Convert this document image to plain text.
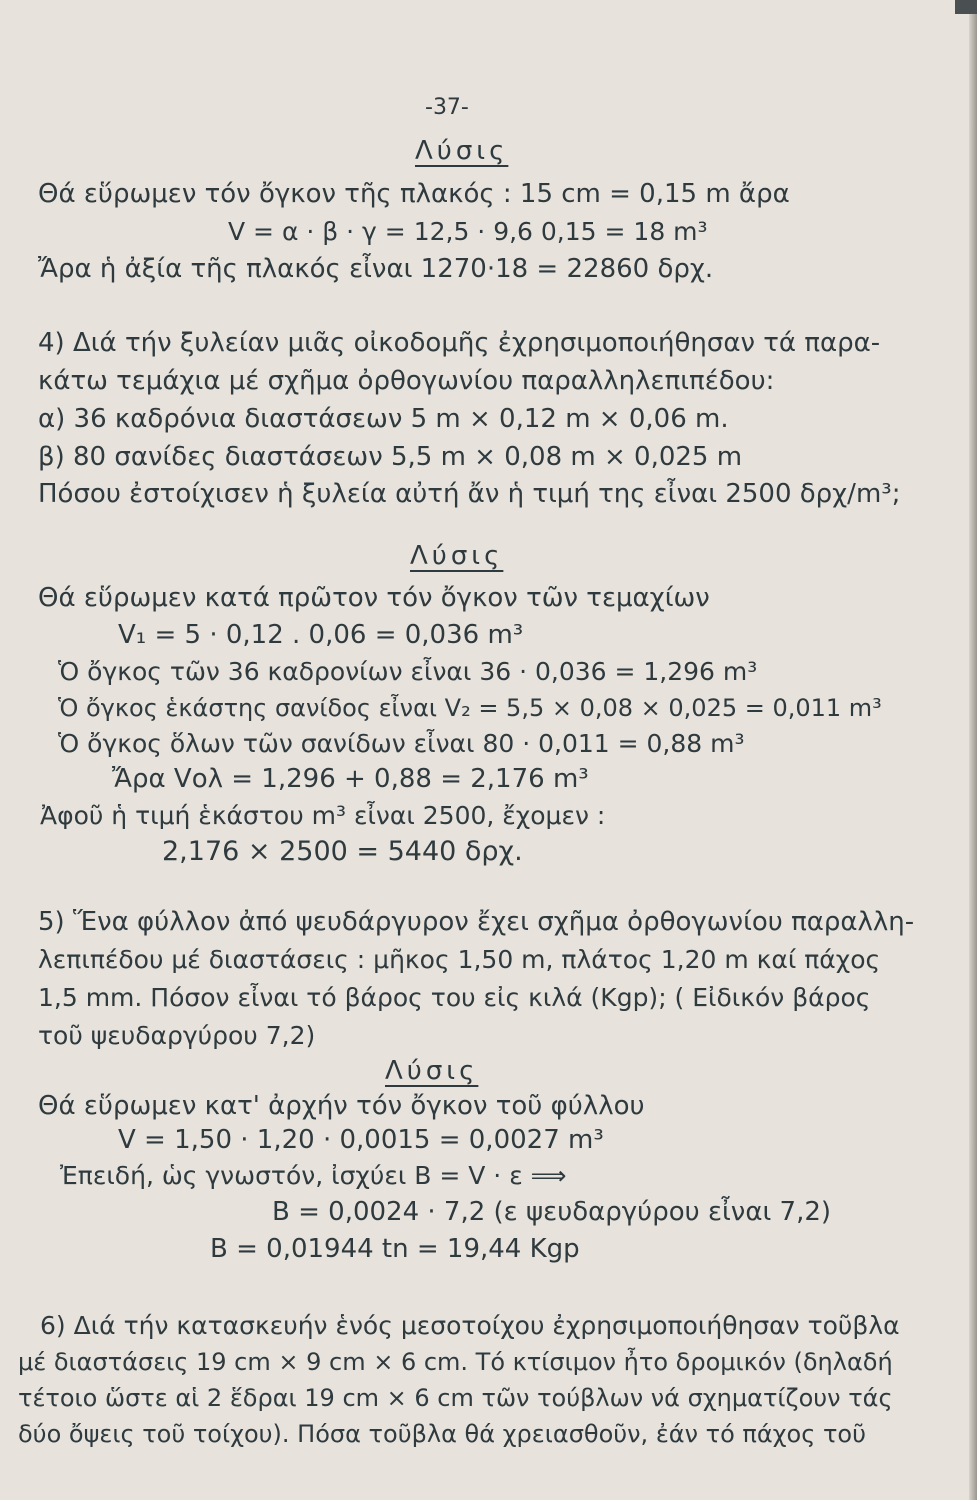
-37-
Λύσις
Θά εὕρωμεν τόν ὄγκον τῆς πλακός : 15 cm = 0,15 m ἄρα
V = α · β · γ = 12,5 · 9,6 0,15 = 18 m³
Ἄρα ἡ ἀξία τῆς πλακός εἶναι 1270·18 = 22860 δρχ.
4) Διά τήν ξυλείαν μιᾶς οἰκοδομῆς ἐχρησιμοποιήθησαν τά παρα-
κάτω τεμάχια μέ σχῆμα ὀρθογωνίου παραλληλεπιπέδου:
α) 36 καδρόνια διαστάσεων 5 m × 0,12 m × 0,06 m.
β) 80 σανίδες διαστάσεων 5,5 m × 0,08 m × 0,025 m
Πόσου ἐστοίχισεν ἡ ξυλεία αὐτή ἄν ἡ τιμή της εἶναι 2500 δρχ/m³;
Λύσις
Θά εὕρωμεν κατά πρῶτον τόν ὄγκον τῶν τεμαχίων
V₁ = 5 · 0,12 . 0,06 = 0,036 m³
Ὁ ὄγκος τῶν 36 καδρονίων εἶναι 36 · 0,036 = 1,296 m³
Ὁ ὄγκος ἑκάστης σανίδος εἶναι V₂ = 5,5 × 0,08 × 0,025 = 0,011 m³
Ὁ ὄγκος ὅλων τῶν σανίδων εἶναι 80 · 0,011 = 0,88 m³
Ἄρα Vολ = 1,296 + 0,88 = 2,176 m³
Ἀφοῦ ἡ τιμή ἑκάστου m³ εἶναι 2500, ἔχομεν :
2,176 × 2500 = 5440 δρχ.
5) Ἕνα φύλλον ἀπό ψευδάργυρον ἔχει σχῆμα ὀρθογωνίου παραλλη-
λεπιπέδου μέ διαστάσεις : μῆκος 1,50 m, πλάτος 1,20 m καί πάχος
1,5 mm. Πόσον εἶναι τό βάρος του εἰς κιλά (Kgp); ( Εἰδικόν βάρος
τοῦ ψευδαργύρου 7,2)
Λύσις
Θά εὕρωμεν κατ' ἀρχήν τόν ὄγκον τοῦ φύλλου
V = 1,50 · 1,20 · 0,0015 = 0,0027 m³
Ἐπειδή, ὡς γνωστόν, ἰσχύει B = V · ε ⟹
B = 0,0024 · 7,2 (ε ψευδαργύρου εἶναι 7,2)
B = 0,01944 tn = 19,44 Kgp
6) Διά τήν κατασκευήν ἑνός μεσοτοίχου ἐχρησιμοποιήθησαν τοῦβλα
μέ διαστάσεις 19 cm × 9 cm × 6 cm. Τό κτίσιμον ἦτο δρομικόν (δηλαδή
τέτοιο ὥστε αἱ 2 ἕδραι 19 cm × 6 cm τῶν τούβλων νά σχηματίζουν τάς
δύο ὄψεις τοῦ τοίχου). Πόσα τοῦβλα θά χρειασθοῦν, ἐάν τό πάχος τοῦ
